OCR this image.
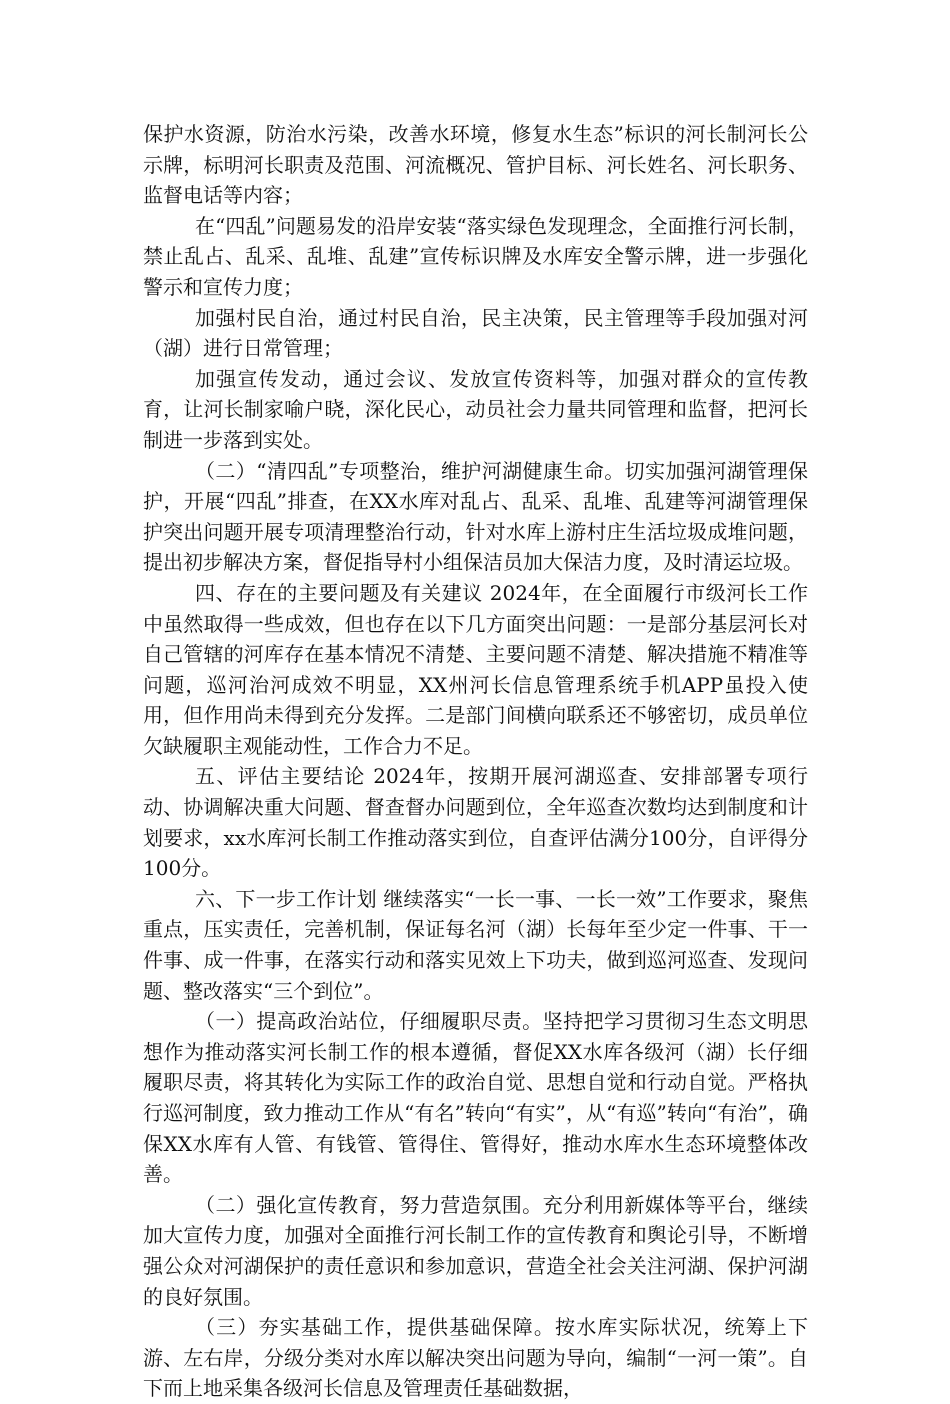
保护水资源，防治水污染，改善水环境，修复水生态”标识的河长制河长公示牌，标明河长职责及范围、河流概况、管护目标、河长姓名、河长职务、监督电话等内容；

在“四乱”问题易发的沿岸安装“落实绿色发现理念，全面推行河长制，禁止乱占、乱采、乱堆、乱建”宣传标识牌及水库安全警示牌，进一步强化警示和宣传力度；

加强村民自治，通过村民自治，民主决策，民主管理等手段加强对河（湖）进行日常管理；

加强宣传发动，通过会议、发放宣传资料等，加强对群众的宣传教育，让河长制家喻户晓，深化民心，动员社会力量共同管理和监督，把河长制进一步落到实处。

（二）“清四乱”专项整治，维护河湖健康生命。切实加强河湖管理保护，开展“四乱”排查，在XX水库对乱占、乱采、乱堆、乱建等河湖管理保护突出问题开展专项清理整治行动，针对水库上游村庄生活垃圾成堆问题，提出初步解决方案，督促指导村小组保洁员加大保洁力度，及时清运垃圾。

四、存在的主要问题及有关建议 2024年，在全面履行市级河长工作中虽然取得一些成效，但也存在以下几方面突出问题：一是部分基层河长对自己管辖的河库存在基本情况不清楚、主要问题不清楚、解决措施不精准等问题，巡河治河成效不明显，XX州河长信息管理系统手机APP虽投入使用，但作用尚未得到充分发挥。二是部门间横向联系还不够密切，成员单位欠缺履职主观能动性，工作合力不足。

五、评估主要结论 2024年，按期开展河湖巡查、安排部署专项行动、协调解决重大问题、督查督办问题到位，全年巡查次数均达到制度和计划要求，xx水库河长制工作推动落实到位，自查评估满分100分，自评得分100分。

六、下一步工作计划 继续落实“一长一事、一长一效”工作要求，聚焦重点，压实责任，完善机制，保证每名河（湖）长每年至少定一件事、干一件事、成一件事，在落实行动和落实见效上下功夫，做到巡河巡查、发现问题、整改落实“三个到位”。

（一）提高政治站位，仔细履职尽责。坚持把学习贯彻习生态文明思想作为推动落实河长制工作的根本遵循，督促XX水库各级河（湖）长仔细履职尽责，将其转化为实际工作的政治自觉、思想自觉和行动自觉。严格执行巡河制度，致力推动工作从“有名”转向“有实”，从“有巡”转向“有治”，确保XX水库有人管、有钱管、管得住、管得好，推动水库水生态环境整体改善。

（二）强化宣传教育，努力营造氛围。充分利用新媒体等平台，继续加大宣传力度，加强对全面推行河长制工作的宣传教育和舆论引导，不断增强公众对河湖保护的责任意识和参加意识，营造全社会关注河湖、保护河湖的良好氛围。

（三）夯实基础工作，提供基础保障。按水库实际状况，统筹上下游、左右岸，分级分类对水库以解决突出问题为导向，编制“一河一策”。自下而上地采集各级河长信息及管理责任基础数据，
